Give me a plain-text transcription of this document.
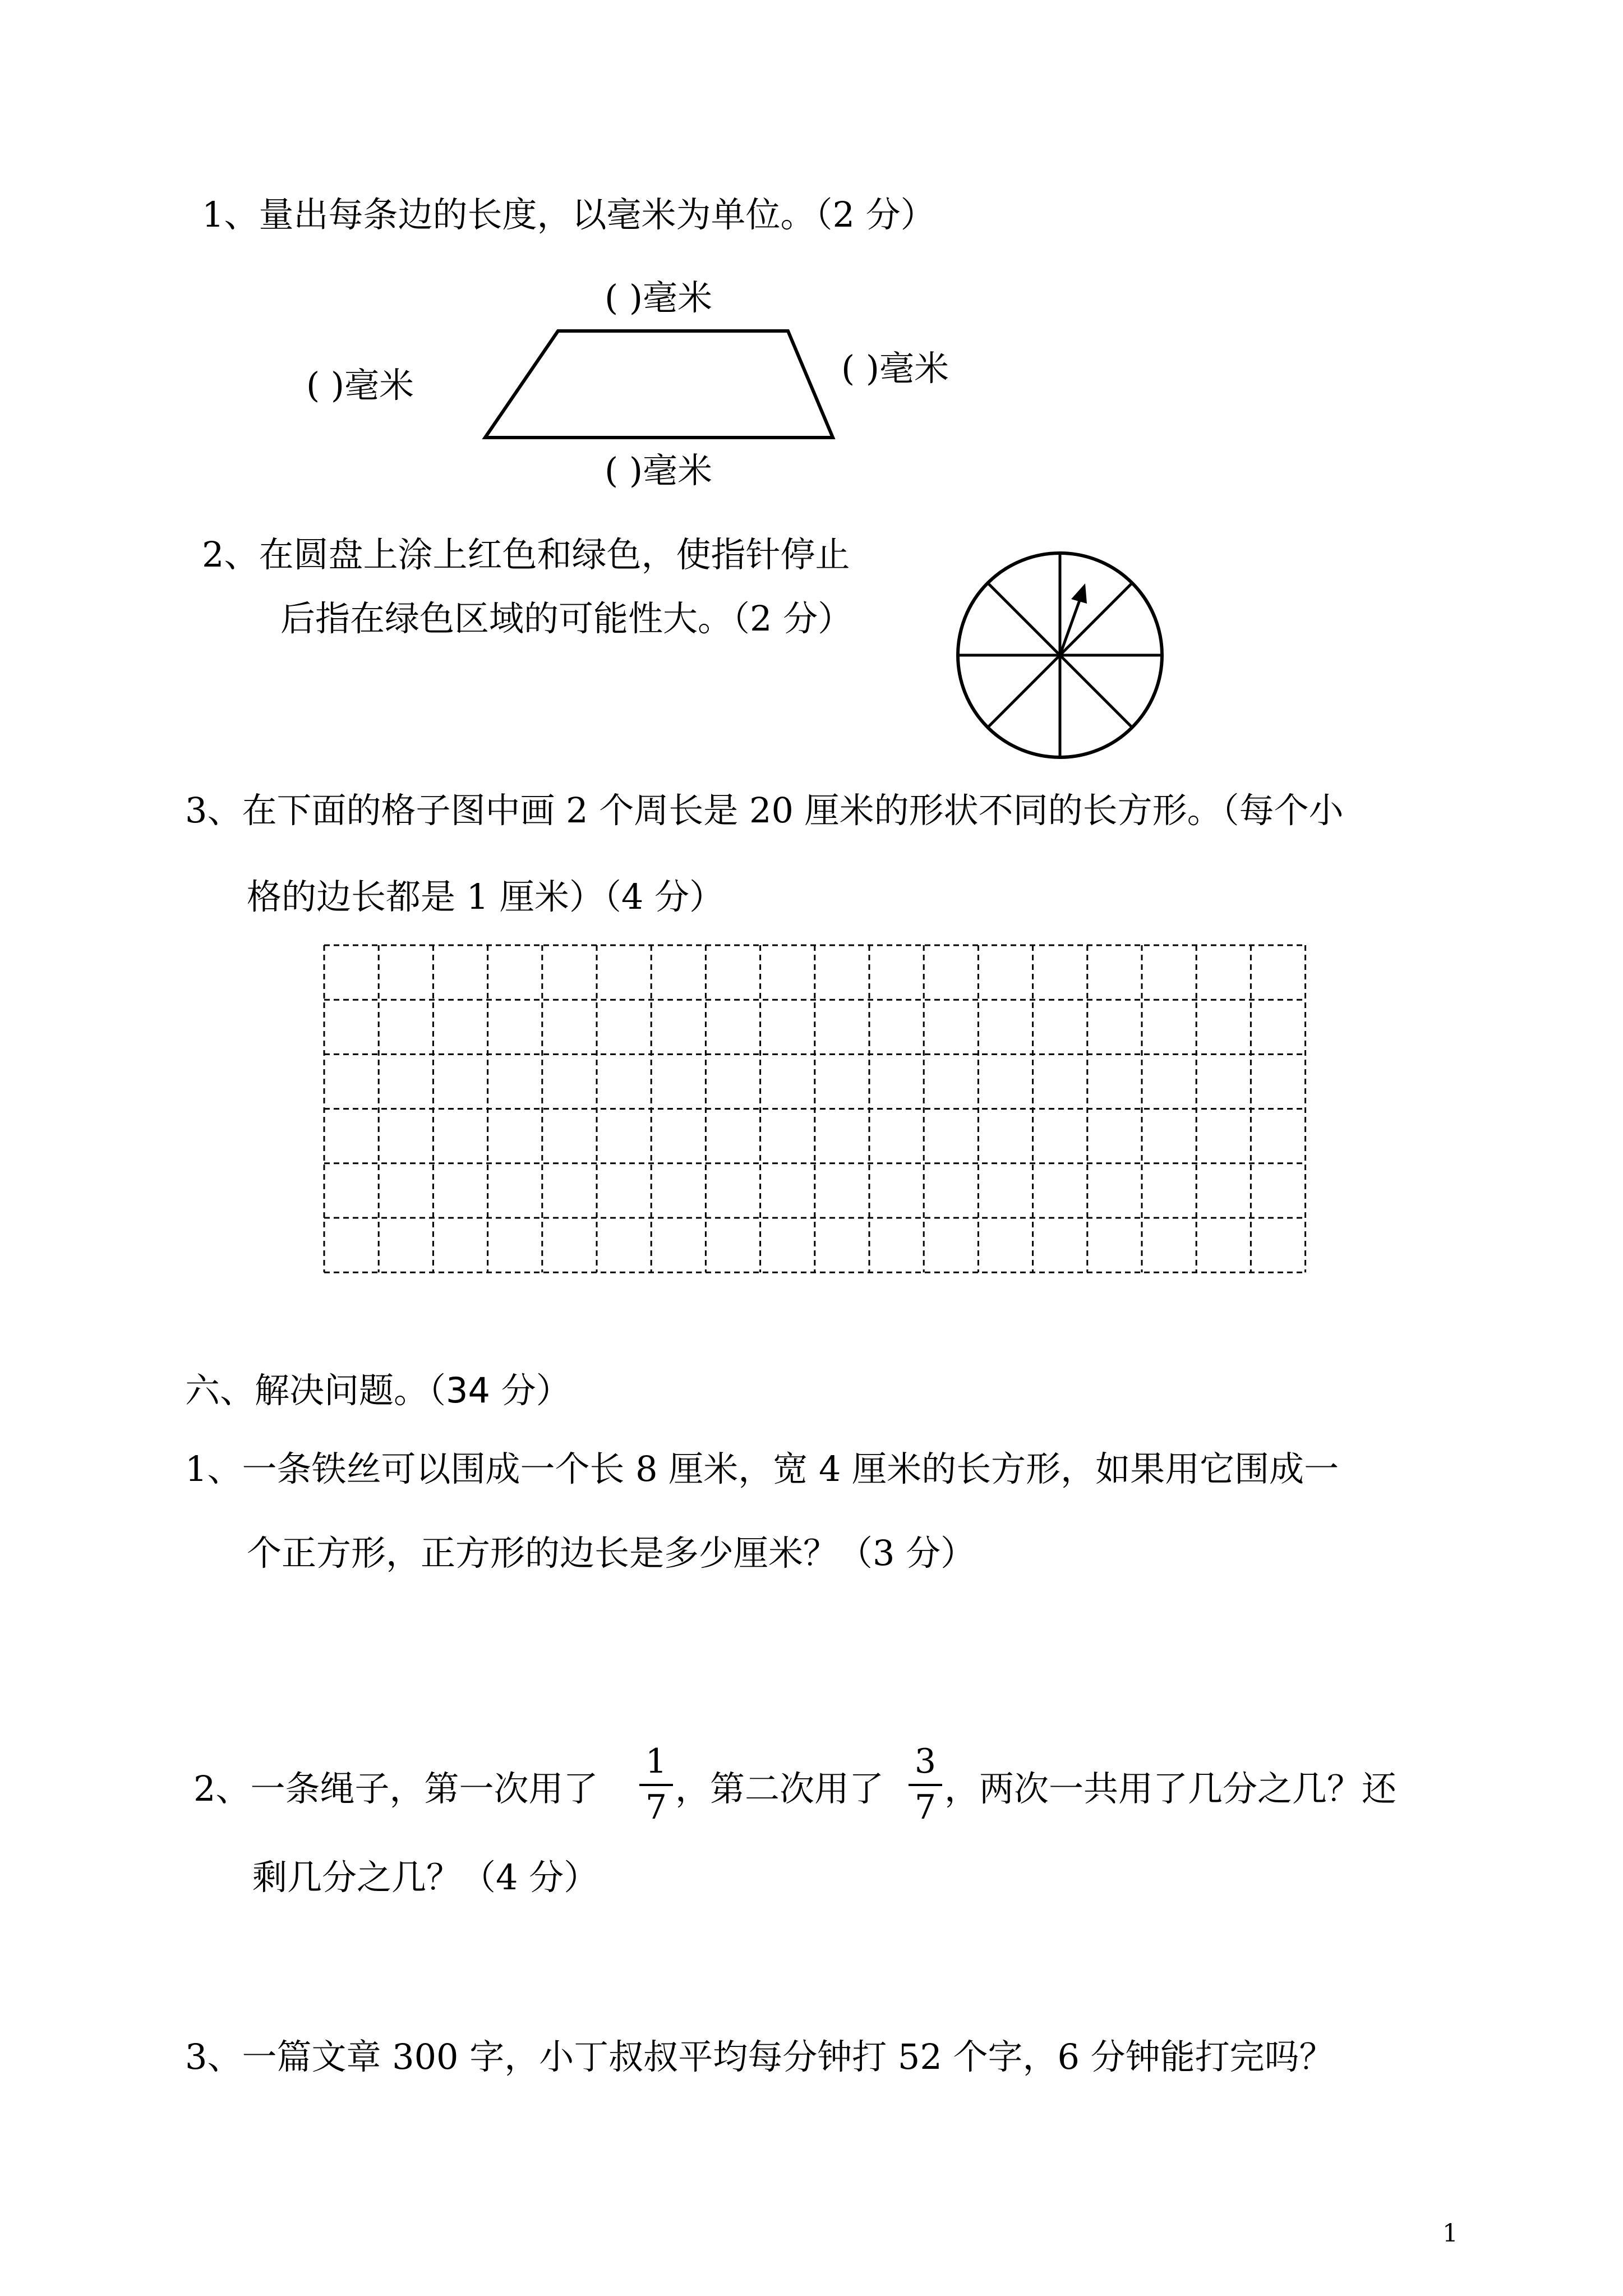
1、量出每条边的长度，以毫米为单位。（2 分）
( )毫米
( )毫米	( )毫米
( )毫米
2、在圆盘上涂上红色和绿色，使指针停止
后指在绿色区域的可能性大。（2 分）
3、在下面的格子图中画 2 个周长是 20 厘米的形状不同的长方形。（每个小
格的边长都是 1 厘米）（4 分）
六、解决问题。（34 分）
1、一条铁丝可以围成一个长 8 厘米，宽 4 厘米的长方形，如果用它围成一
个正方形，正方形的边长是多少厘米？（3 分）
2、一条绳子，第一次用了
1
7 ，第二次用了
3
7 ，两次一共用了几分之几？还
剩几分之几？（4 分）
3、一篇文章 300 字，小丁叔叔平均每分钟打 52 个字，6 分钟能打完吗？
1
